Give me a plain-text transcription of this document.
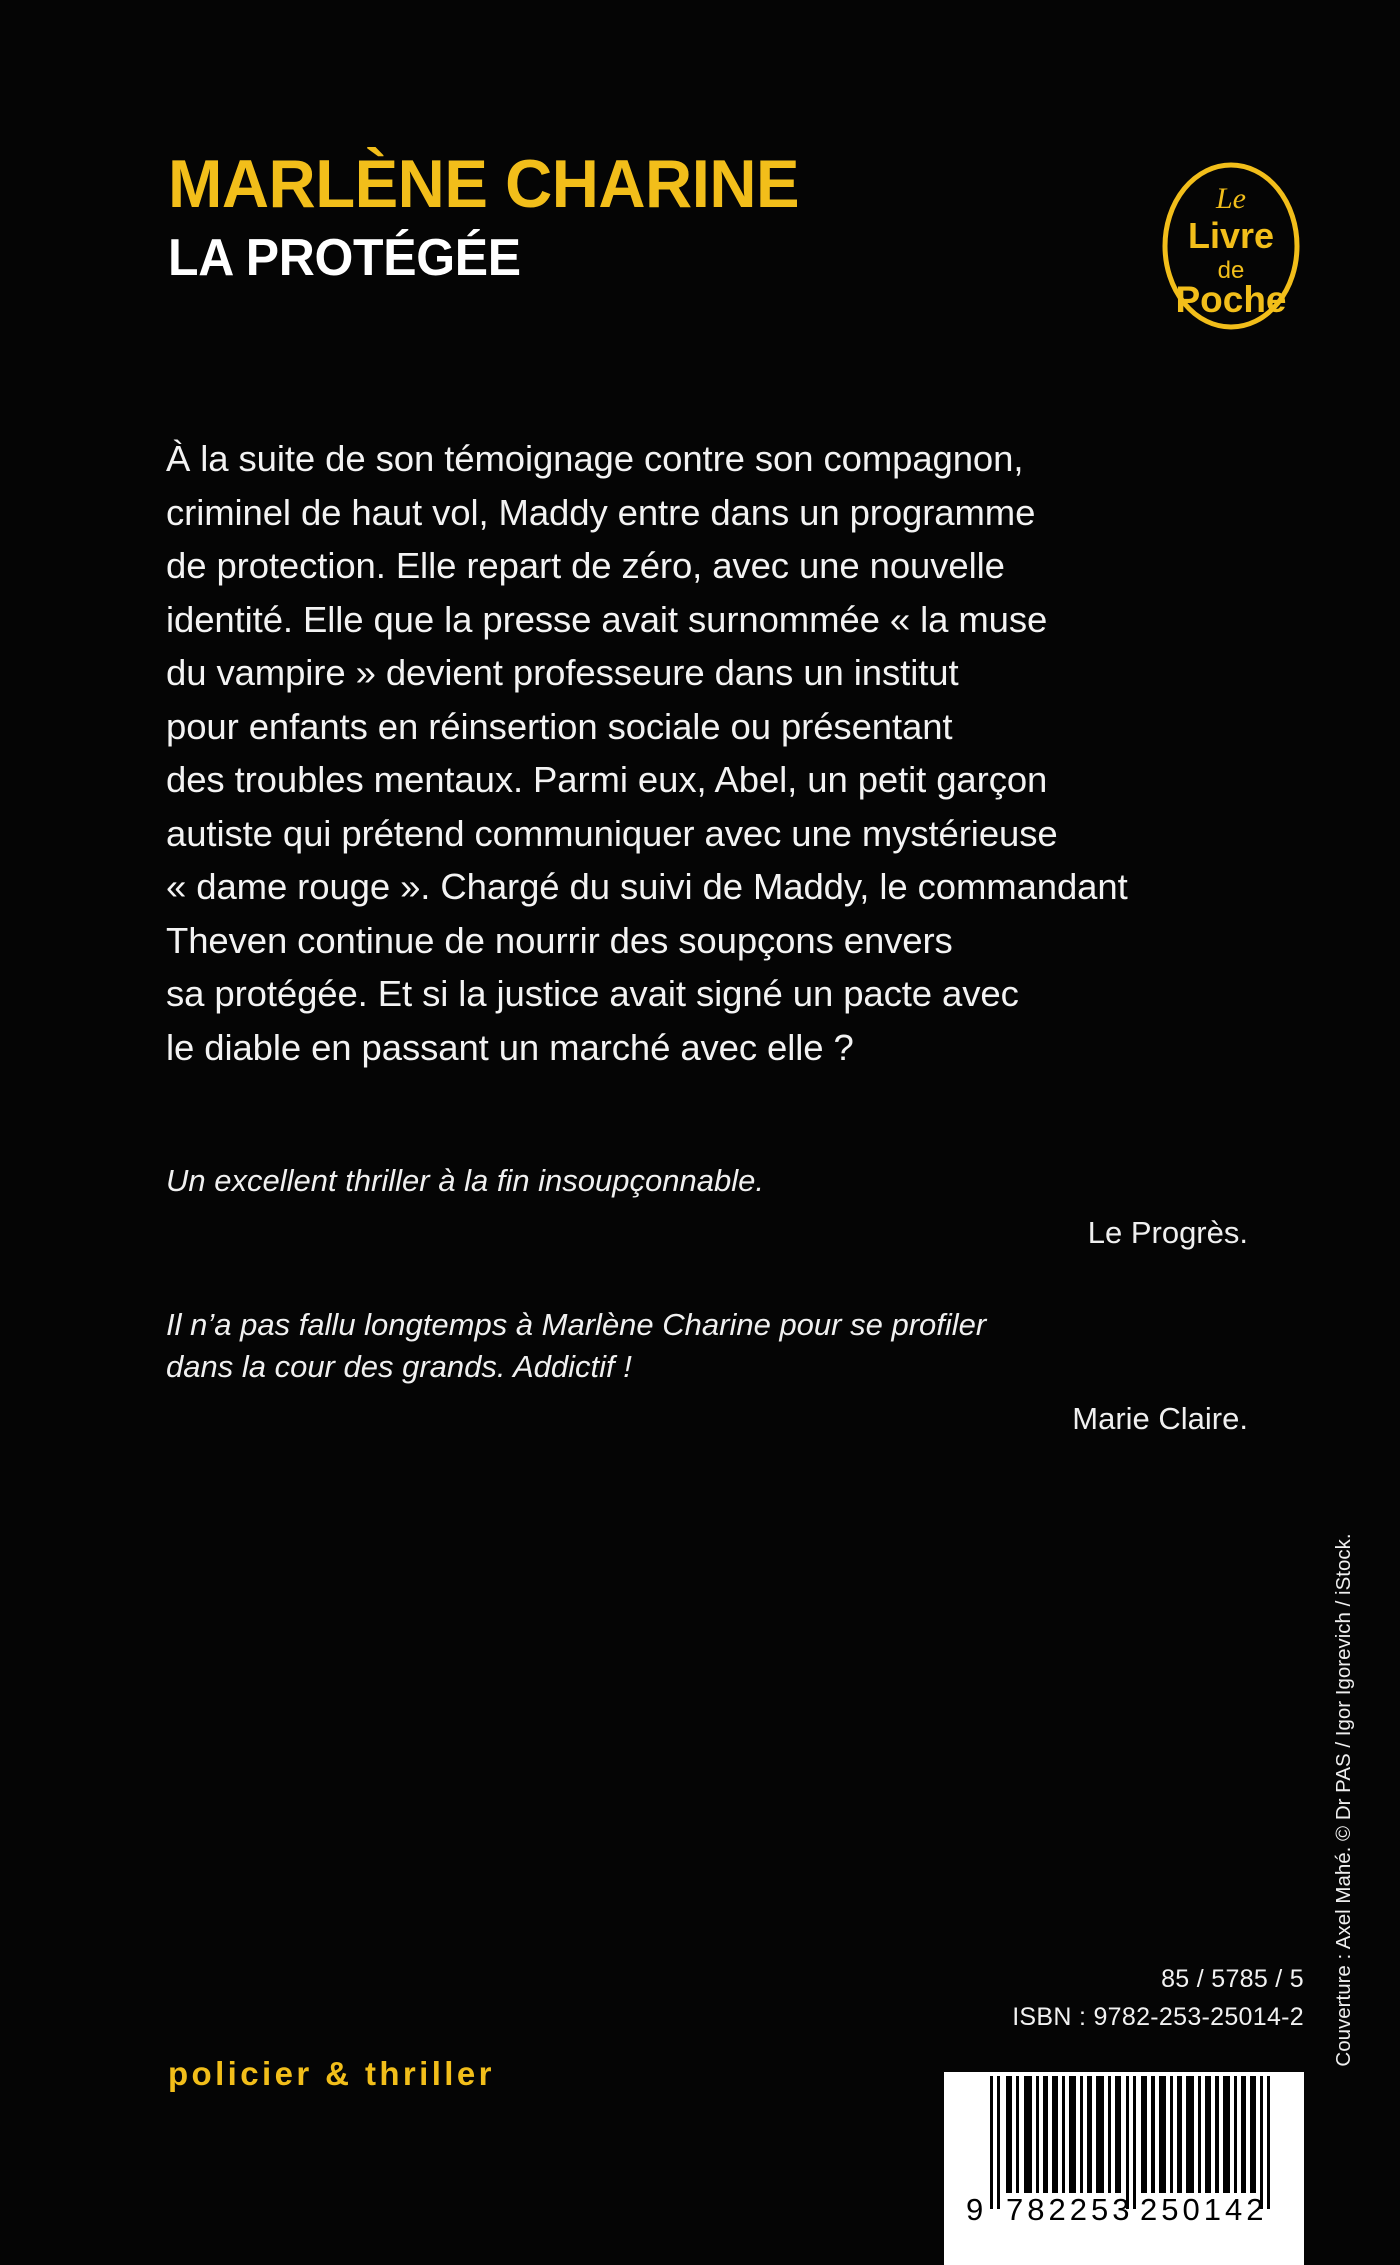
MARLÈNE CHARINE
LA PROTÉGÉE
Le
Livre
de
Poche
À la suite de son témoignage contre son compagnon,
criminel de haut vol, Maddy entre dans un programme
de protection. Elle repart de zéro, avec une nouvelle
identité. Elle que la presse avait surnommée « la muse
du vampire » devient professeure dans un institut
pour enfants en réinsertion sociale ou présentant
des troubles mentaux. Parmi eux, Abel, un petit garçon
autiste qui prétend communiquer avec une mystérieuse
« dame rouge ». Chargé du suivi de Maddy, le commandant
Theven continue de nourrir des soupçons envers
sa protégée. Et si la justice avait signé un pacte avec
le diable en passant un marché avec elle ?
Un excellent thriller à la fin insoupçonnable.
Le Progrès.
Il n’a pas fallu longtemps à Marlène Charine pour se profiler
dans la cour des grands. Addictif !
Marie Claire.
Couverture : Axel Mahé. © Dr PAS / Igor Igorevich / iStock.
policier & thriller
85 / 5785 / 5
ISBN : 9782-253-25014-2
9 782253 250142
